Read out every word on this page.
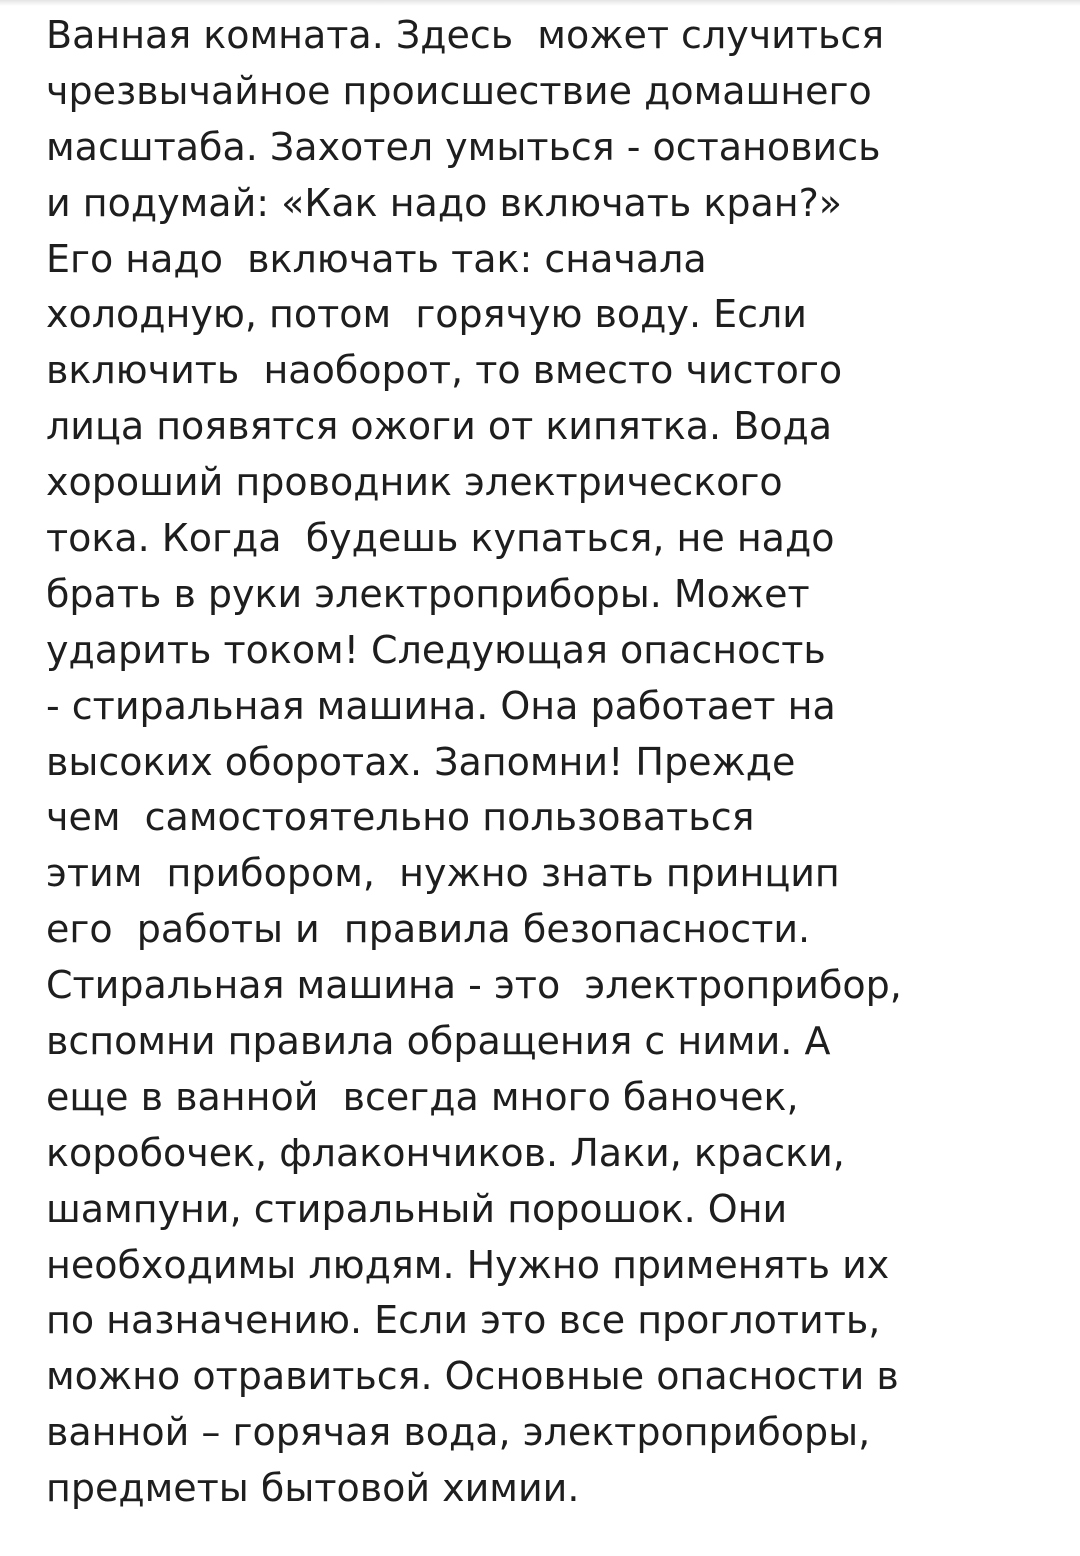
Ванная комната. Здесь  может случиться
чрезвычайное происшествие домашнего
масштаба. Захотел умыться - остановись
и подумай: «Как надо включать кран?»
Его надо  включать так: сначала
холодную, потом  горячую воду. Если
включить  наоборот, то вместо чистого
лица появятся ожоги от кипятка. Вода
хороший проводник электрического
тока. Когда  будешь купаться, не надо
брать в руки электроприборы. Может
ударить током! Следующая опасность
- стиральная машина. Она работает на
высоких оборотах. Запомни! Прежде
чем  самостоятельно пользоваться
этим  прибором,  нужно знать принцип
его  работы и  правила безопасности.
Стиральная машина - это  электроприбор,
вспомни правила обращения с ними. А
еще в ванной  всегда много баночек,
коробочек, флакончиков. Лаки, краски,
шампуни, стиральный порошок. Они
необходимы людям. Нужно применять их
по назначению. Если это все проглотить,
можно отравиться. Основные опасности в
ванной – горячая вода, электроприборы,
предметы бытовой химии.
